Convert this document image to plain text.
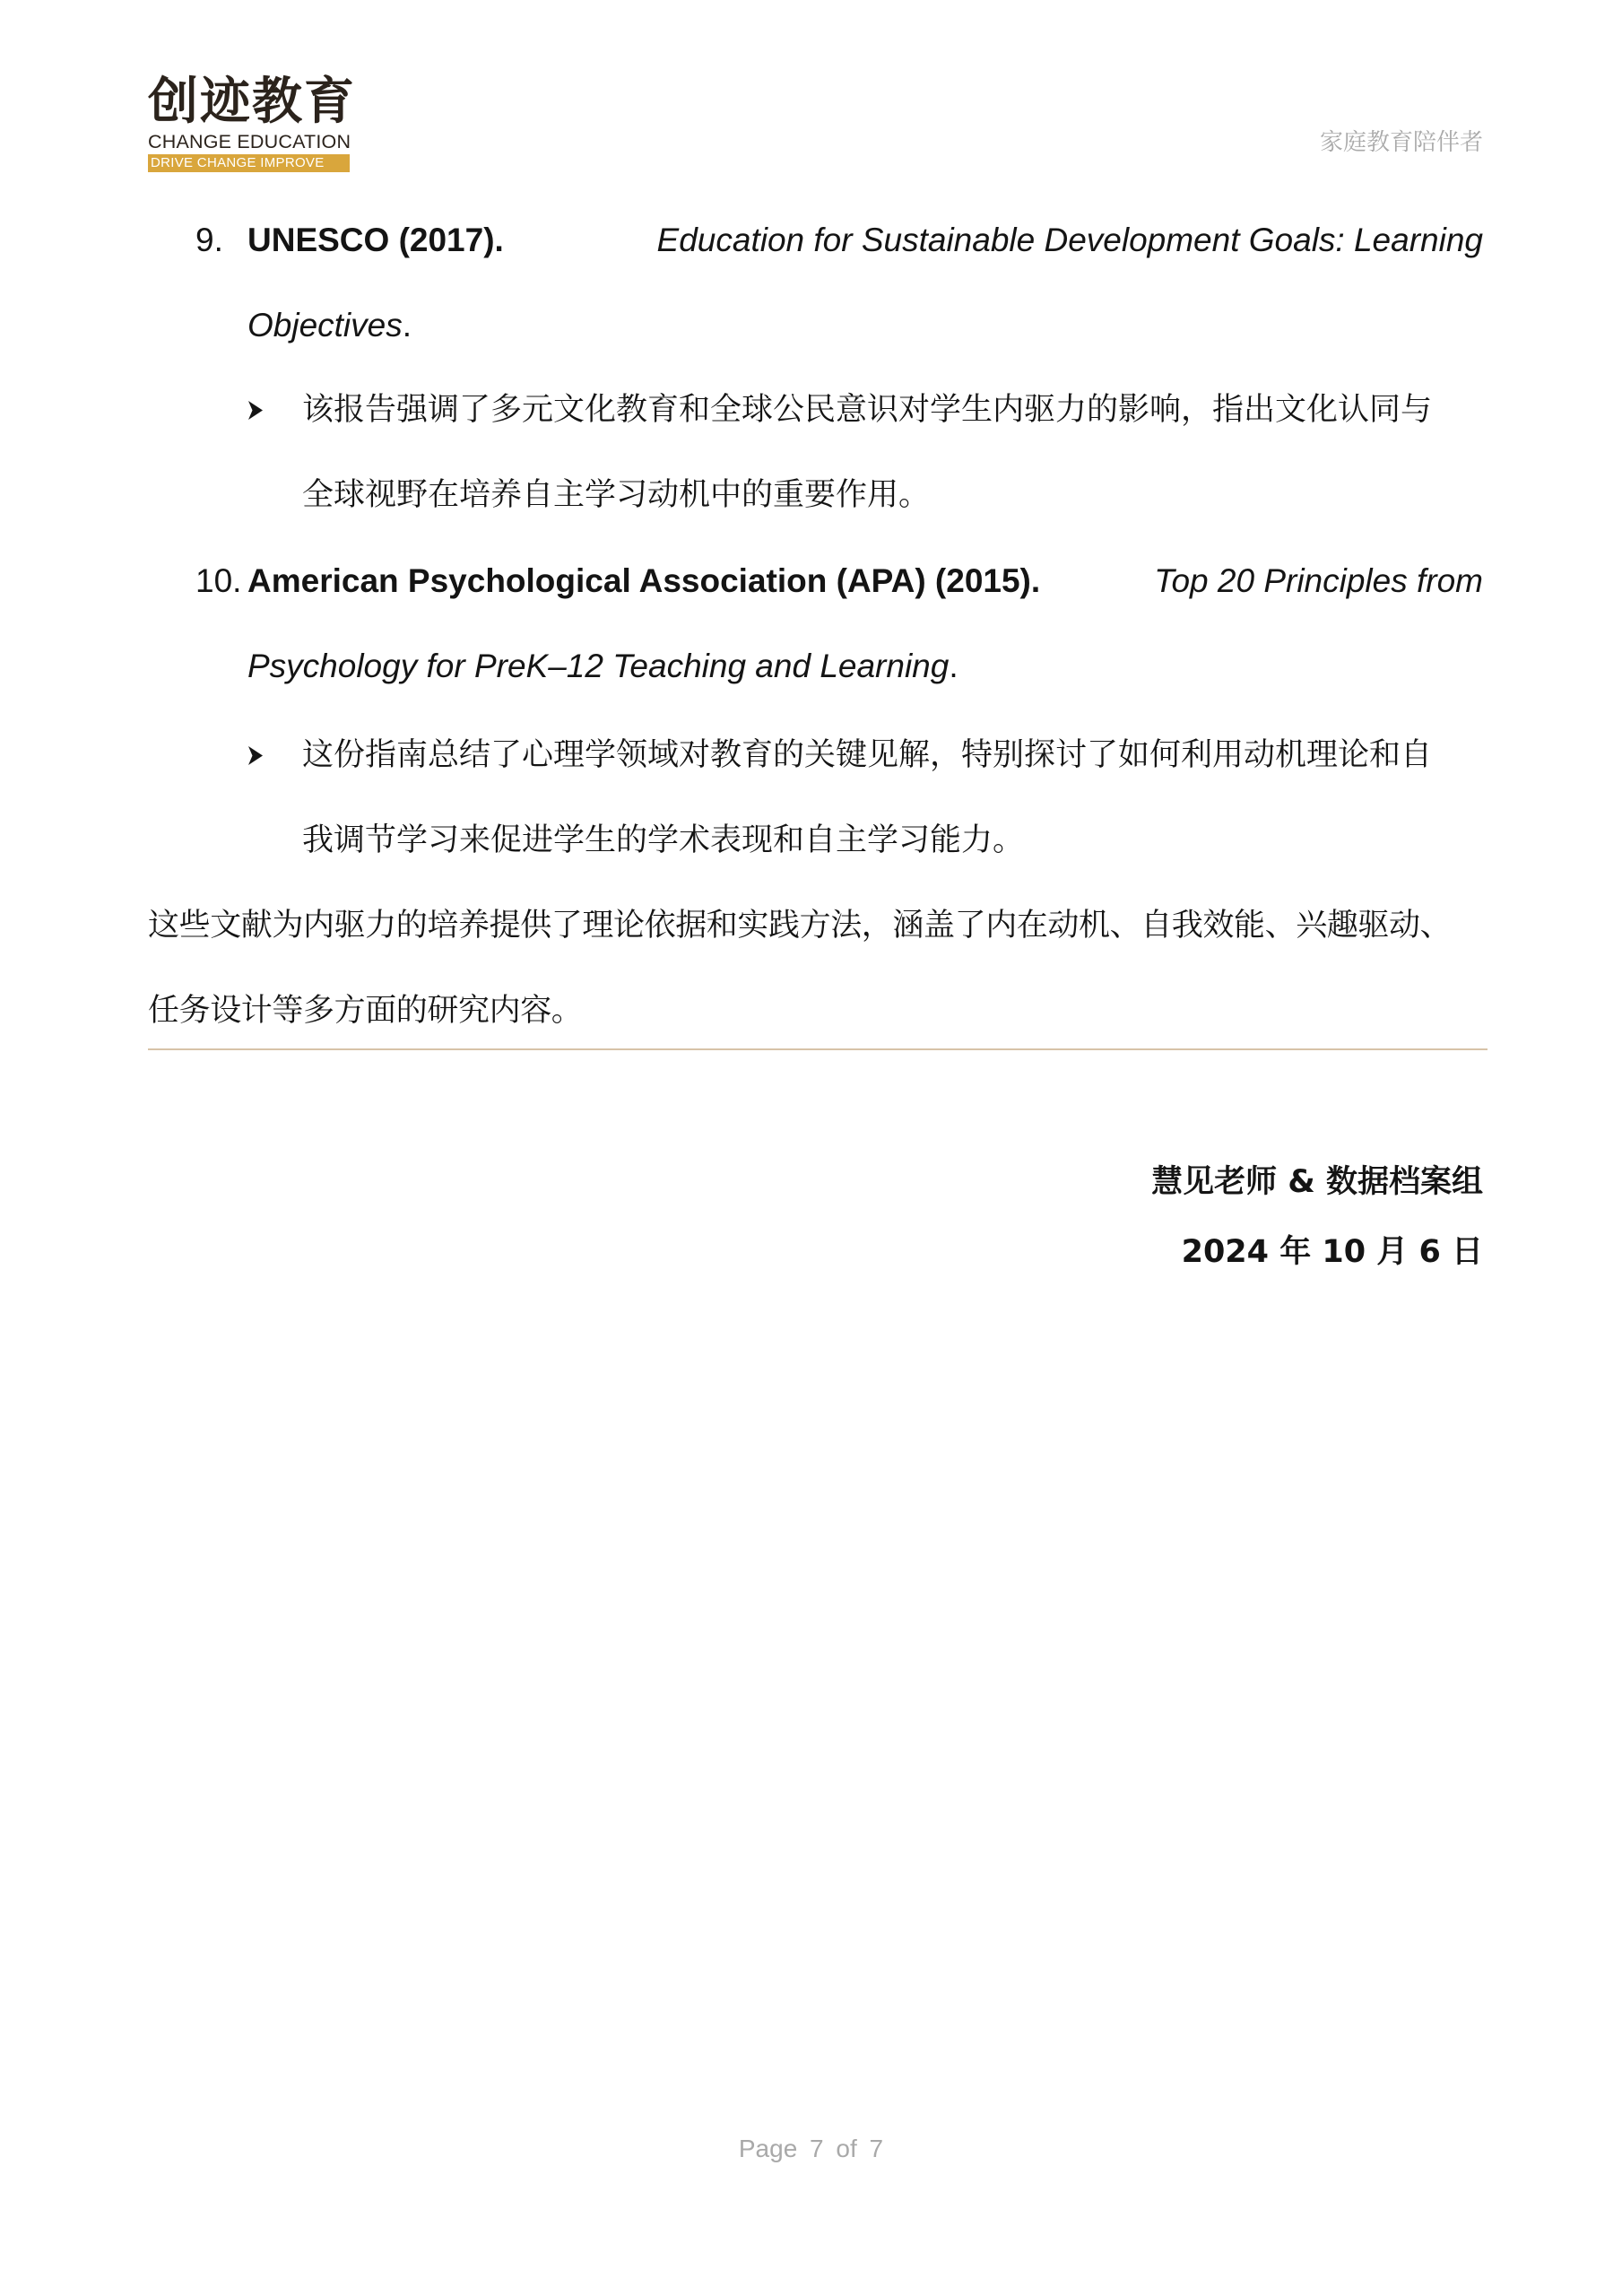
创迹教育
CHANGE EDUCATION
DRIVE CHANGE IMPROVE
家庭教育陪伴者
9. UNESCO (2017).	Education for Sustainable Development Goals: Learning
Objectives.
该报告强调了多元文化教育和全球公民意识对学生内驱力的影响，指出文化认同与
全球视野在培养自主学习动机中的重要作用。
10. American Psychological Association (APA) (2015).	Top 20 Principles from
Psychology for PreK–12 Teaching and Learning.
这份指南总结了心理学领域对教育的关键见解，特别探讨了如何利用动机理论和自
我调节学习来促进学生的学术表现和自主学习能力。
这些文献为内驱力的培养提供了理论依据和实践方法，涵盖了内在动机、自我效能、兴趣驱动、
任务设计等多方面的研究内容。
慧见老师 & 数据档案组
2024 年 10 月 6 日
Page 7 of 7
